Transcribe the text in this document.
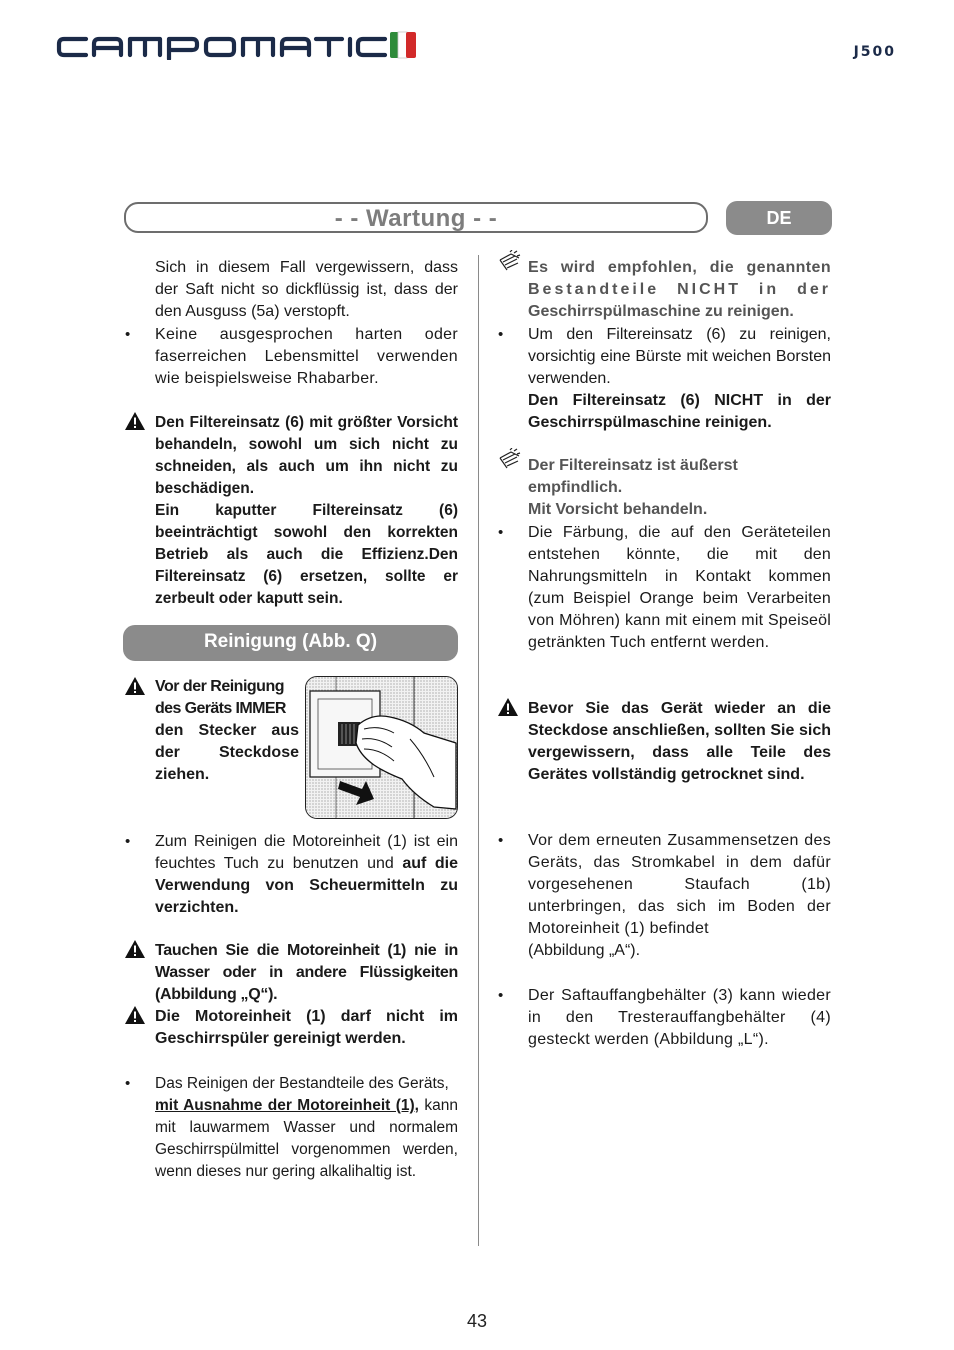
J500
- - Wartung - -	DE
Sich in diesem Fall vergewissern, dass der Saft nicht so dickflüssig ist, dass der den Ausguss (5a) verstopft.
• Keine ausgesprochen harten oder faserreichen Lebensmittel verwenden wie beispielsweise Rhabarber.
Den Filtereinsatz (6) mit größter Vorsicht behandeln, sowohl um sich nicht zu schneiden, als auch um ihn nicht zu beschädigen.
Ein kaputter Filtereinsatz (6) beeinträchtigt sowohl den korrekten Betrieb als auch die Effizienz.Den Filtereinsatz (6) ersetzen, sollte er zerbeult oder kaputt sein.
Reinigung (Abb. Q)
Vor der Reinigung
des Geräts IMMER
den Stecker aus
der Steckdose
ziehen.
• Zum Reinigen die Motoreinheit (1) ist ein feuchtes Tuch zu benutzen und auf die Verwendung von Scheuermitteln zu verzichten.
Tauchen Sie die Motoreinheit (1) nie in Wasser oder in andere Flüssigkeiten (Abbildung „Q“).
Die Motoreinheit (1) darf nicht im Geschirrspüler gereinigt werden.
•	Das Reinigen der Bestandteile des Geräts,
mit Ausnahme der Motoreinheit (1), kann mit lauwarmem Wasser und normalem Geschirrspülmittel vorgenommen werden, wenn dieses nur gering alkalihaltig ist.
Es wird empfohlen, die genannten
Bestandteile NICHT in der
Geschirrspülmaschine zu reinigen.
• Um den Filtereinsatz (6) zu reinigen, vorsichtig eine Bürste mit weichen Borsten verwenden.
Den Filtereinsatz (6) NICHT in der Geschirrspülmaschine reinigen.
Der Filtereinsatz ist äußerst empfindlich.
Mit Vorsicht behandeln.
• Die Färbung, die auf den Geräteteilen entstehen könnte, die mit den Nahrungsmitteln in Kontakt kommen (zum Beispiel Orange beim Verarbeiten von Möhren) kann mit einem mit Speiseöl getränkten Tuch entfernt werden.
Bevor Sie das Gerät wieder an die Steckdose anschließen, sollten Sie sich vergewissern, dass alle Teile des Gerätes vollständig getrocknet sind.
• Vor dem erneuten Zusammensetzen des Geräts, das Stromkabel in dem dafür vorgesehenen Staufach (1b) unterbringen, das sich im Boden der Motoreinheit (1) befindet
(Abbildung „A“).
• Der Saftauffangbehälter (3) kann wieder in den Tresterauffangbehälter (4) gesteckt werden (Abbildung „L“).
43
